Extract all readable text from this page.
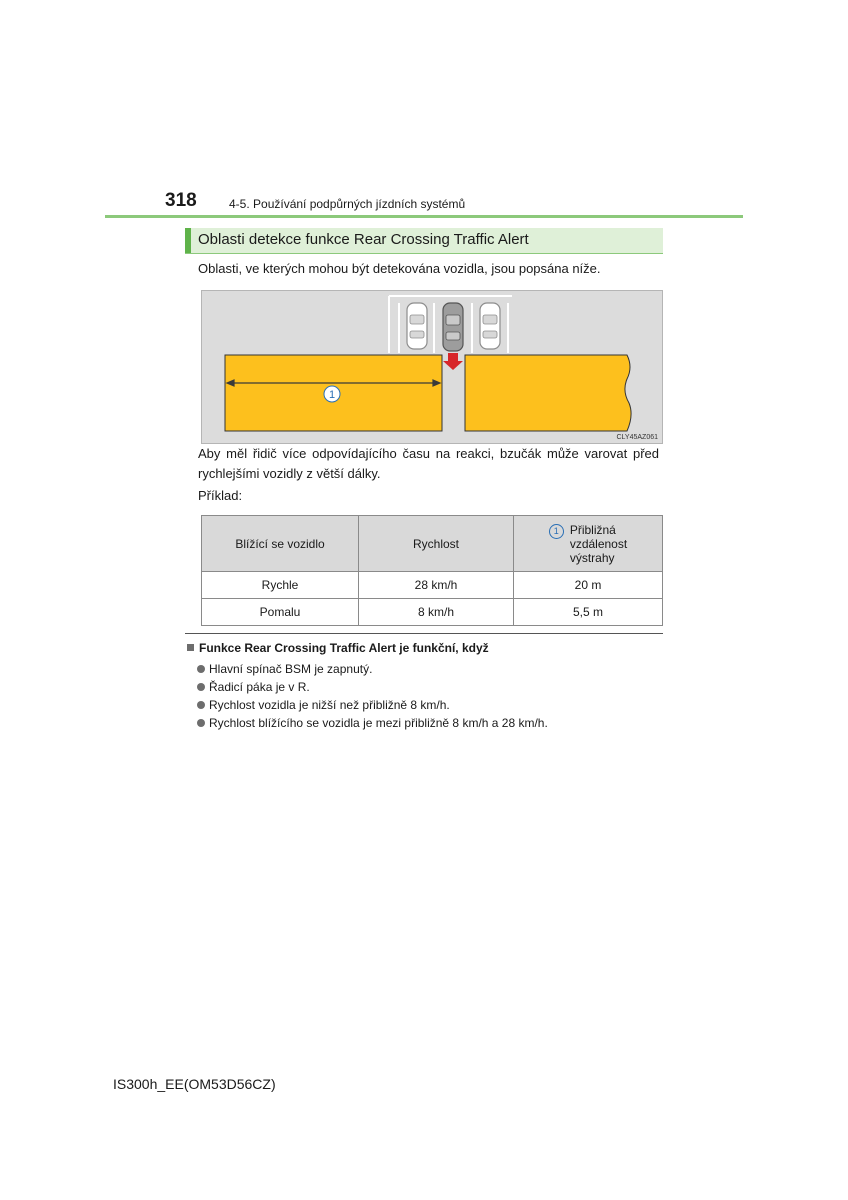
318	4-5. Používání podpůrných jízdních systémů
Oblasti detekce funkce Rear Crossing Traffic Alert
Oblasti, ve kterých mohou být detekována vozidla, jsou popsána níže.
1
CLY45AZ061
Aby měl řidič více odpovídajícího času na reakci, bzučák může varovat před rychlejšími vozidly z větší dálky.
Příklad:
Blížící se vozidlo	Rychlost	1 Přibližná
vzdálenost
výstrahy

Rychle	28 km/h	20 m
Pomalu	8 km/h	5,5 m
Funkce Rear Crossing Traffic Alert je funkční, když
Hlavní spínač BSM je zapnutý.
Řadicí páka je v R.
Rychlost vozidla je nižší než přibližně 8 km/h.
Rychlost blížícího se vozidla je mezi přibližně 8 km/h a 28 km/h.
IS300h_EE(OM53D56CZ)
